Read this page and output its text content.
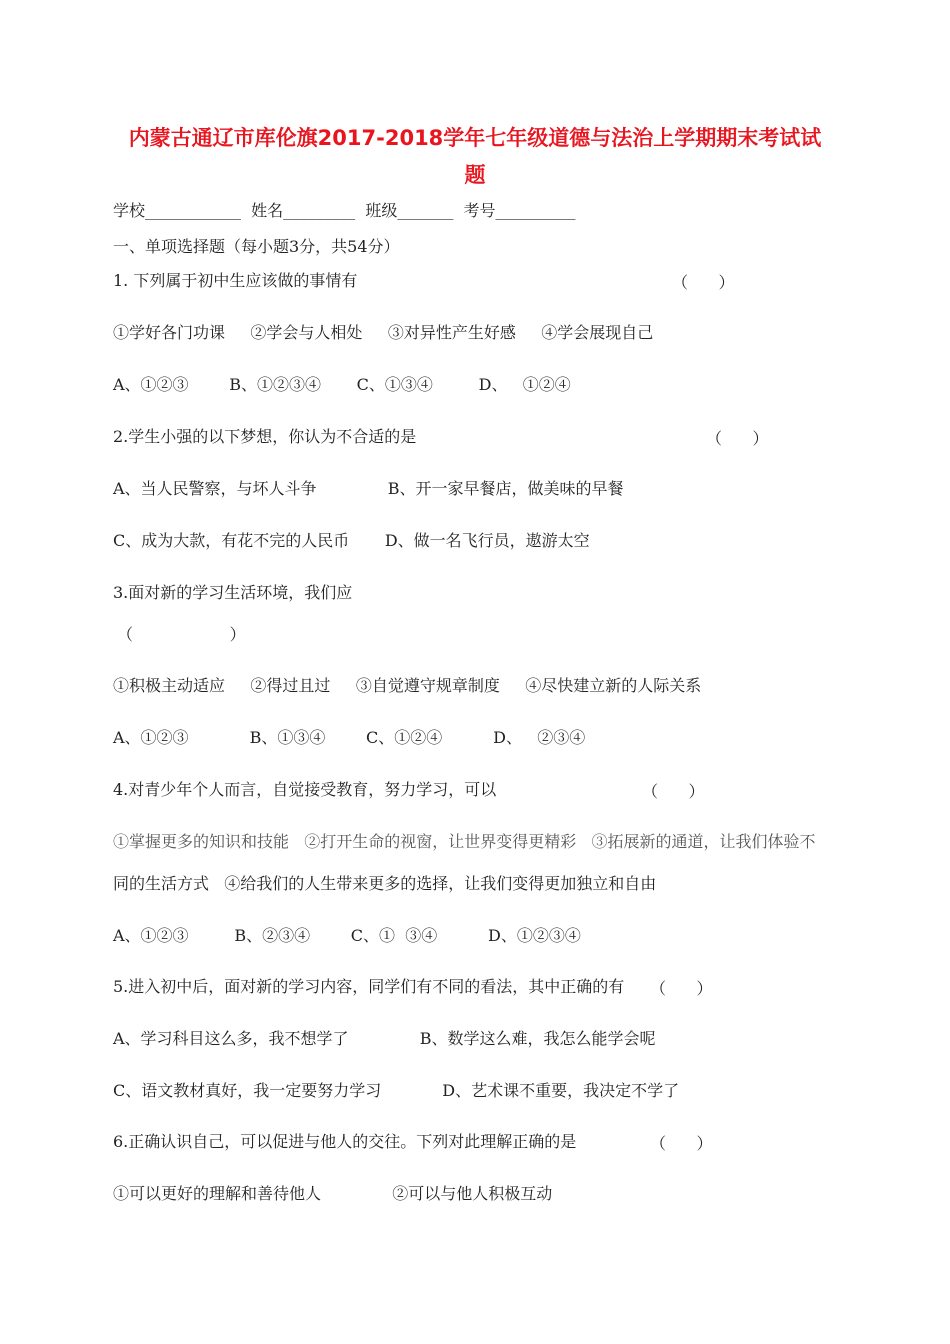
内蒙古通辽市库伦旗2017-2018学年七年级道德与法治上学期期末考试试
题
学校____________  姓名_________  班级_______  考号__________
一、单项选择题（每小题3分，共54分）
1. 下列属于初中生应该做的事情有	（      ）
①学好各门功课     ②学会与人相处     ③对异性产生好感     ④学会展现自己
A、①②③        B、①②③④       C、①③④         D、   ①②④
2.学生小强的以下梦想，你认为不合适的是	（      ）
A、当人民警察，与坏人斗争              B、开一家早餐店，做美味的早餐
C、成为大款，有花不完的人民币       D、做一名飞行员，遨游太空
3.面对新的学习生活环境，我们应
（                   ）
①积极主动适应     ②得过且过     ③自觉遵守规章制度     ④尽快建立新的人际关系
A、①②③            B、①③④        C、①②④          D、   ②③④
4.对青少年个人而言，自觉接受教育，努力学习，可以	（      ）
①掌握更多的知识和技能   ②打开生命的视窗，让世界变得更精彩   ③拓展新的通道，让我们体验不
同的生活方式   ④给我们的人生带来更多的选择，让我们变得更加独立和自由
A、①②③         B、②③④        C、①  ③④          D、①②③④
5.进入初中后，面对新的学习内容，同学们有不同的看法，其中正确的有 （      ）
A、学习科目这么多，我不想学了              B、数学这么难，我怎么能学会呢
C、语文教材真好，我一定要努力学习            D、艺术课不重要，我决定不学了
6.正确认识自己，可以促进与他人的交往。下列对此理解正确的是	（      ）
①可以更好的理解和善待他人              ②可以与他人积极互动
